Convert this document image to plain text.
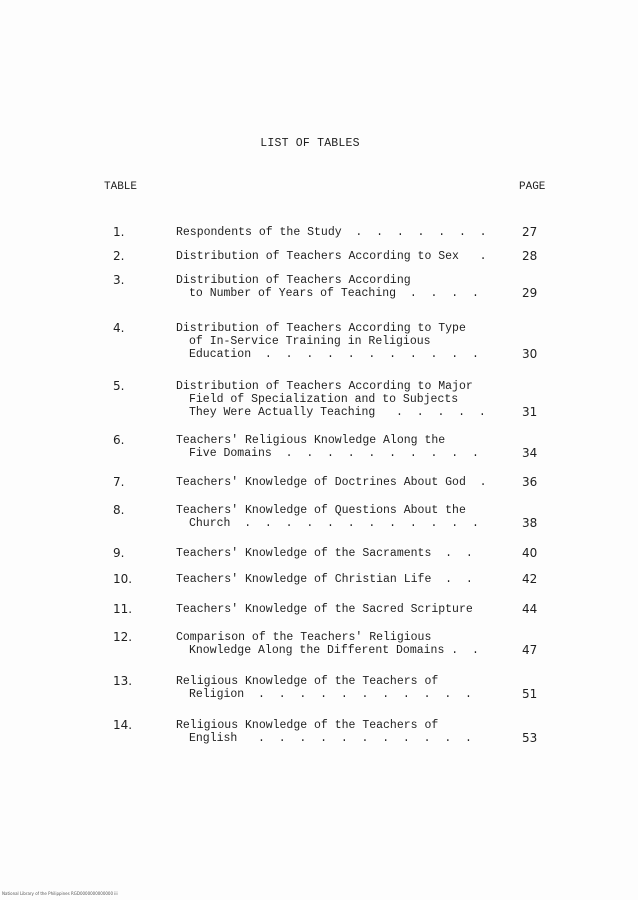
LIST OF TABLES
TABLE	PAGE
1.	Respondents of the Study  .  .  .  .  .  .  .	27
2.	Distribution of Teachers According to Sex   .	28
3.	Distribution of Teachers According
to Number of Years of Teaching  .  .  .  .	29
4.	Distribution of Teachers According to Type
of In-Service Training in Religious
Education  .  .  .  .  .  .  .  .  .  .  .	30
5.	Distribution of Teachers According to Major
Field of Specialization and to Subjects
They Were Actually Teaching   .  .  .  .  .	31
6.	Teachers' Religious Knowledge Along the
Five Domains  .  .  .  .  .  .  .  .  .  .	34
7.	Teachers' Knowledge of Doctrines About God  .	36
8.	Teachers' Knowledge of Questions About the
Church  .  .  .  .  .  .  .  .  .  .  .  .	38
9.	Teachers' Knowledge of the Sacraments  .  .	40
10.	Teachers' Knowledge of Christian Life  .  .	42
11.	Teachers' Knowledge of the Sacred Scripture	44
12.	Comparison of the Teachers' Religious
Knowledge Along the Different Domains .  .	47
13.	Religious Knowledge of the Teachers of
Religion  .  .  .  .  .  .  .  .  .  .  .	51
14.	Religious Knowledge of the Teachers of
English   .  .  .  .  .  .  .  .  .  .  .	53
National Library of the Philippines RGD0000000000000 iii
